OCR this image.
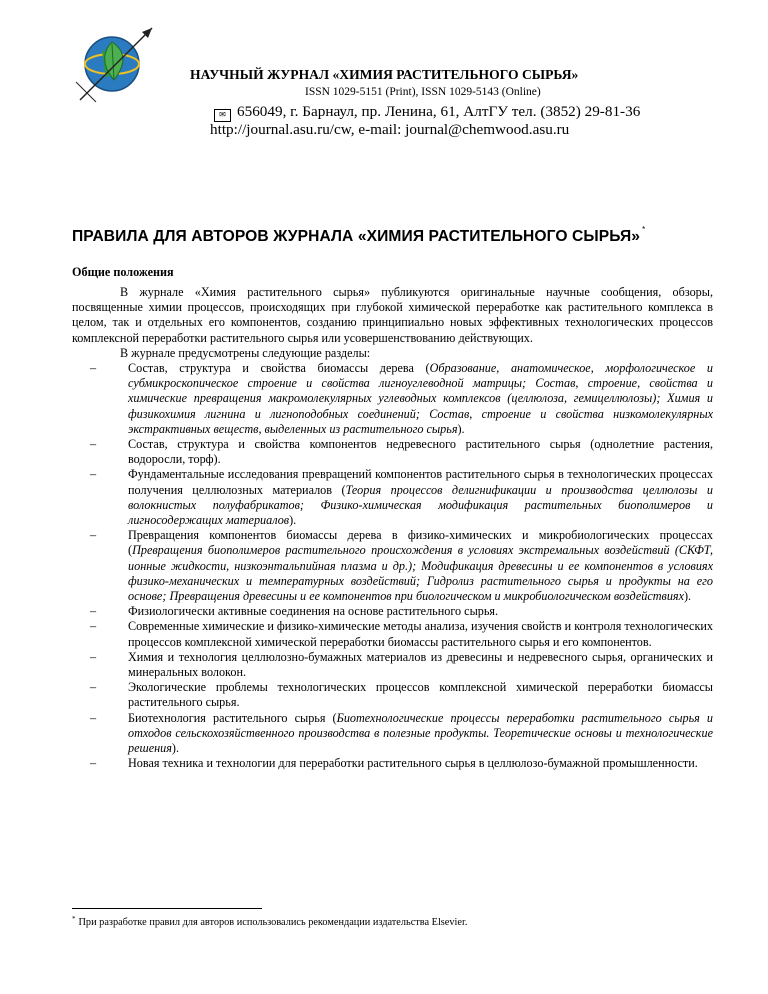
НАУЧНЫЙ ЖУРНАЛ «ХИМИЯ РАСТИТЕЛЬНОГО СЫРЬЯ»
ISSN 1029-5151 (Print), ISSN 1029-5143 (Online)
✉ 656049, г. Барнаул, пр. Ленина, 61, АлтГУ тел. (3852) 29-81-36
http://journal.asu.ru/cw, e-mail: journal@chemwood.asu.ru
ПРАВИЛА ДЛЯ АВТОРОВ ЖУРНАЛА «ХИМИЯ РАСТИТЕЛЬНОГО СЫРЬЯ» *
Общие положения

В журнале «Химия растительного сырья» публикуются оригинальные научные сообщения, обзоры, посвященные химии процессов, происходящих при глубокой химической переработке как растительного комплекса в целом, так и отдельных его компонентов, созданию принципиально новых эффективных технологических процессов комплексной переработки растительного сырья или усовершенствованию действующих.

В журнале предусмотрены следующие разделы:

–	Состав, структура и свойства биомассы дерева (Образование, анатомическое, морфологическое и субмикроскопическое строение и свойства лигноуглеводной матрицы; Состав, строение, свойства и химические превращения макромолекулярных углеводных комплексов (целлюлоза, гемицеллюлозы); Химия и физикохимия лигнина и лигноподобных соединений; Состав, строение и свойства низкомолекулярных экстрактивных веществ, выделенных из растительного сырья).
–	Состав, структура и свойства компонентов недревесного растительного сырья (однолетние растения, водоросли, торф).
–	Фундаментальные исследования превращений компонентов растительного сырья в технологических процессах получения целлюлозных материалов (Теория процессов делигнификации и производства целлюлозы и волокнистых полуфабрикатов; Физико-химическая модификация растительных биополимеров и лигносодержащих материалов).
–	Превращения компонентов биомассы дерева в физико-химических и микробиологических процессах (Превращения биополимеров растительного происхождения в условиях экстремальных воздействий (СКФТ, ионные жидкости, низкоэнтальпийная плазма и др.); Модификация древесины и ее компонентов в условиях физико-механических и температурных воздействий; Гидролиз растительного сырья и продукты на его основе; Превращения древесины и ее компонентов при биологическом и микробиологическом воздействиях).
–	Физиологически активные соединения на основе растительного сырья.
–	Современные химические и физико-химические методы анализа, изучения свойств и контроля технологических процессов комплексной химической переработки биомассы растительного сырья и его компонентов.
–	Химия и технология целлюлозно-бумажных материалов из древесины и недревесного сырья, органических и минеральных волокон.
–	Экологические проблемы технологических процессов комплексной химической переработки биомассы растительного сырья.
–	Биотехнология растительного сырья (Биотехнологические процессы переработки растительного сырья и отходов сельскохозяйственного производства в полезные продукты. Теоретические основы и технологические решения).
–	Новая техника и технологии для переработки растительного сырья в целлюлозо-бумажной промышленности.
* При разработке правил для авторов использовались рекомендации издательства Elsevier.
